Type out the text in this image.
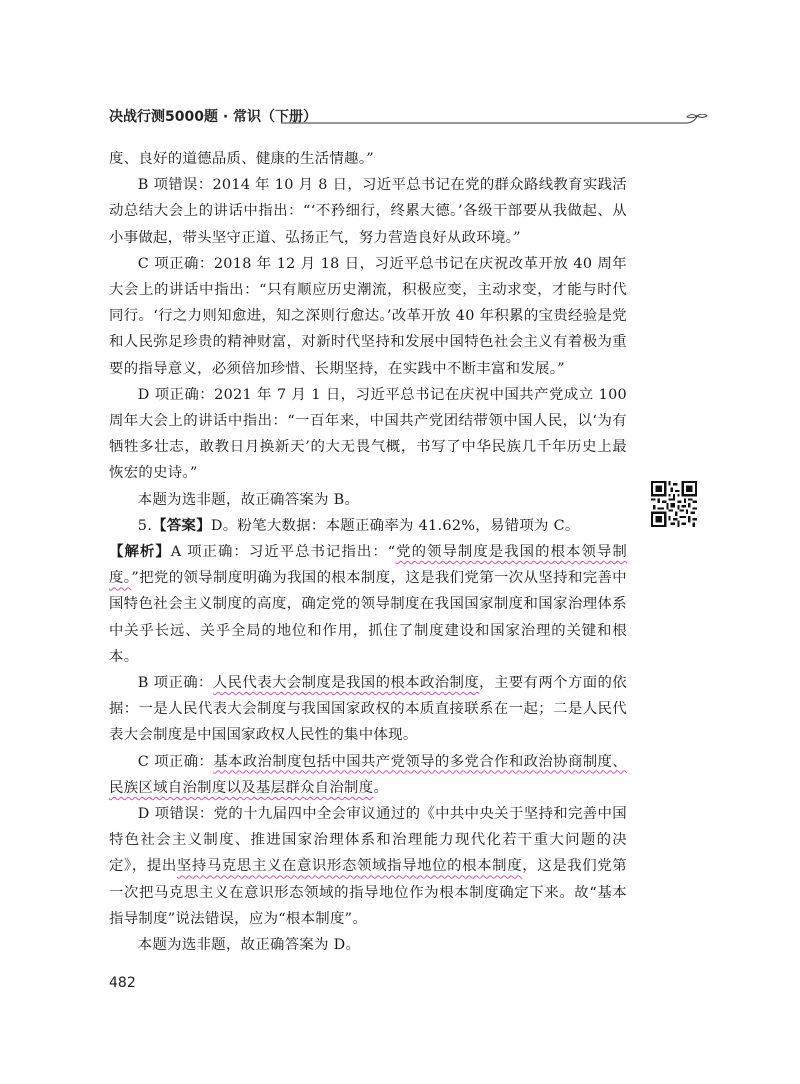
决战行测5000题 · 常识（下册）

度、良好的道德品质、健康的生活情趣。”

B 项错误：2014 年 10 月 8 日，习近平总书记在党的群众路线教育实践活动总结大会上的讲话中指出：“‘不矜细行，终累大德。’各级干部要从我做起、从小事做起，带头坚守正道、弘扬正气，努力营造良好从政环境。”

C 项正确：2018 年 12 月 18 日，习近平总书记在庆祝改革开放 40 周年大会上的讲话中指出：“只有顺应历史潮流，积极应变，主动求变，才能与时代同行。‘行之力则知愈进，知之深则行愈达。’改革开放 40 年积累的宝贵经验是党和人民弥足珍贵的精神财富，对新时代坚持和发展中国特色社会主义有着极为重要的指导意义，必须倍加珍惜、长期坚持，在实践中不断丰富和发展。”

D 项正确：2021 年 7 月 1 日，习近平总书记在庆祝中国共产党成立 100 周年大会上的讲话中指出：“一百年来，中国共产党团结带领中国人民，以‘为有牺牲多壮志，敢教日月换新天’的大无畏气概，书写了中华民族几千年历史上最恢宏的史诗。”

本题为选非题，故正确答案为 B。

5.【答案】D。粉笔大数据：本题正确率为 41.62%，易错项为 C。

【解析】A 项正确：习近平总书记指出：“党的领导制度是我国的根本领导制度。”把党的领导制度明确为我国的根本制度，这是我们党第一次从坚持和完善中国特色社会主义制度的高度，确定党的领导制度在我国国家制度和国家治理体系中关乎长远、关乎全局的地位和作用，抓住了制度建设和国家治理的关键和根本。

B 项正确：人民代表大会制度是我国的根本政治制度，主要有两个方面的依据：一是人民代表大会制度与我国国家政权的本质直接联系在一起；二是人民代表大会制度是中国国家政权人民性的集中体现。

C 项正确：基本政治制度包括中国共产党领导的多党合作和政治协商制度、民族区域自治制度以及基层群众自治制度。

D 项错误：党的十九届四中全会审议通过的《中共中央关于坚持和完善中国特色社会主义制度、推进国家治理体系和治理能力现代化若干重大问题的决定》，提出坚持马克思主义在意识形态领域指导地位的根本制度，这是我们党第一次把马克思主义在意识形态领域的指导地位作为根本制度确定下来。故“基本指导制度”说法错误，应为“根本制度”。

本题为选非题，故正确答案为 D。

482
